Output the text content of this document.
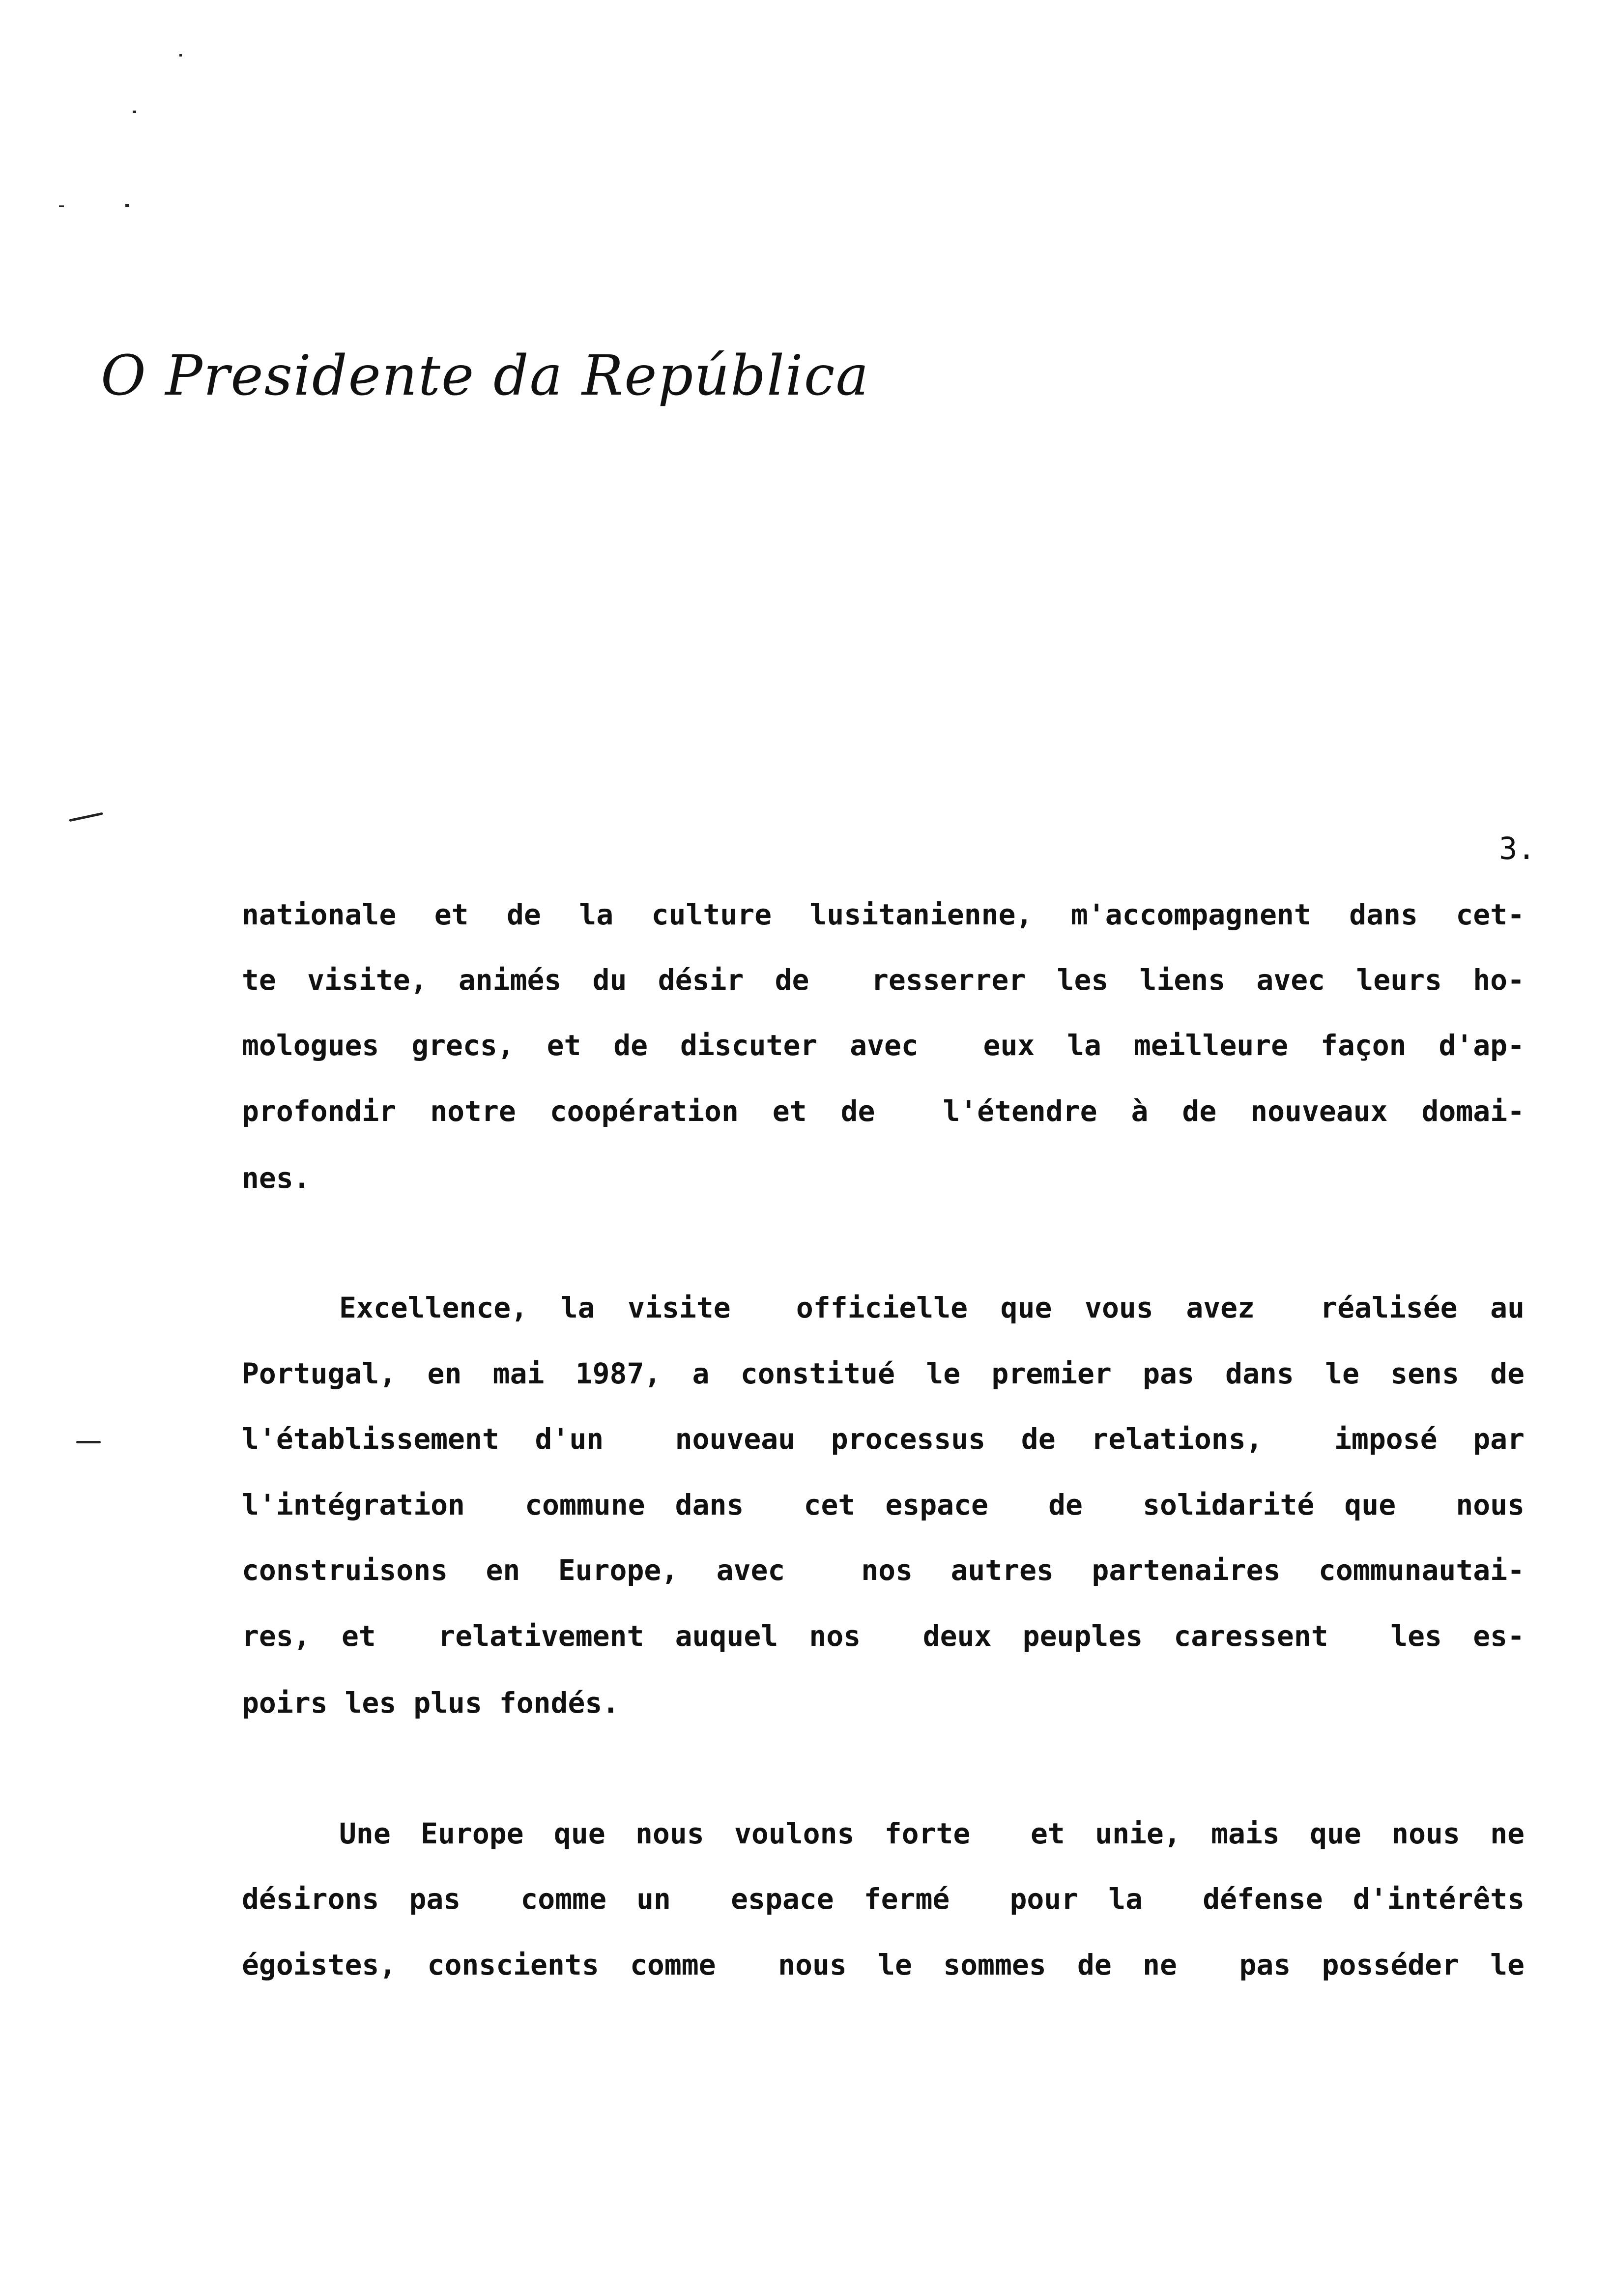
O Presidente da República
3.
nationale et de la culture lusitanienne, m'accompagnent dans cet-
te visite, animés du désir de  resserrer les liens avec leurs ho-
mologues grecs, et de discuter avec  eux la meilleure façon d'ap-
profondir notre coopération et de  l'étendre à de nouveaux domai-
nes.
Excellence, la visite  officielle que vous avez  réalisée au
Portugal, en mai 1987, a constitué le premier pas dans le sens de
l'établissement d'un  nouveau processus de relations,  imposé par
l'intégration  commune dans  cet espace  de  solidarité que  nous
construisons en Europe, avec  nos autres partenaires communautai-
res, et  relativement auquel nos  deux peuples caressent  les es-
poirs les plus fondés.
Une Europe que nous voulons forte  et unie, mais que nous ne
désirons pas  comme un  espace fermé  pour la  défense d'intérêts
égoistes, conscients comme  nous le sommes de ne  pas posséder le
